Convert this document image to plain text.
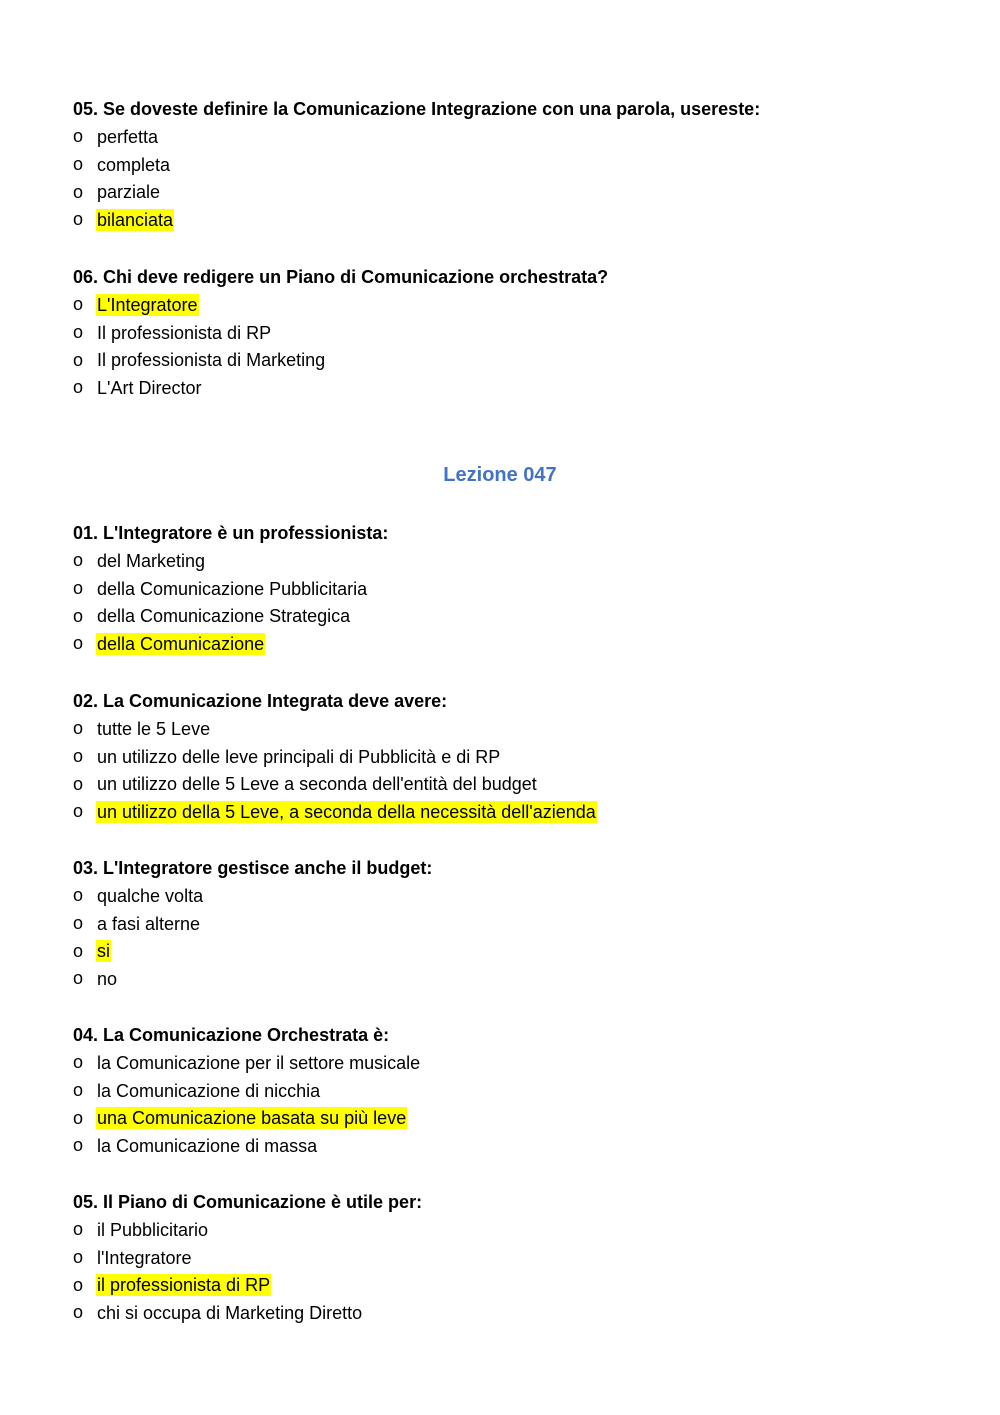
05. Se doveste definire la Comunicazione Integrazione con una parola, usereste:
o perfetta
o completa
o parziale
o bilanciata
06. Chi deve redigere un Piano di Comunicazione orchestrata?
o L'Integratore
o Il professionista di RP
o Il professionista di Marketing
o L'Art Director
Lezione 047
01. L'Integratore è un professionista:
o del Marketing
o della Comunicazione Pubblicitaria
o della Comunicazione Strategica
o della Comunicazione
02. La Comunicazione Integrata deve avere:
o tutte le 5 Leve
o un utilizzo delle leve principali di Pubblicità e di RP
o un utilizzo delle 5 Leve a seconda dell'entità del budget
o un utilizzo della 5 Leve, a seconda della necessità dell'azienda
03. L'Integratore gestisce anche il budget:
o qualche volta
o a fasi alterne
o si
o no
04. La Comunicazione Orchestrata è:
o la Comunicazione per il settore musicale
o la Comunicazione di nicchia
o una Comunicazione basata su più leve
o la Comunicazione di massa
05. Il Piano di Comunicazione è utile per:
o il Pubblicitario
o l'Integratore
o il professionista di RP
o chi si occupa di Marketing Diretto
